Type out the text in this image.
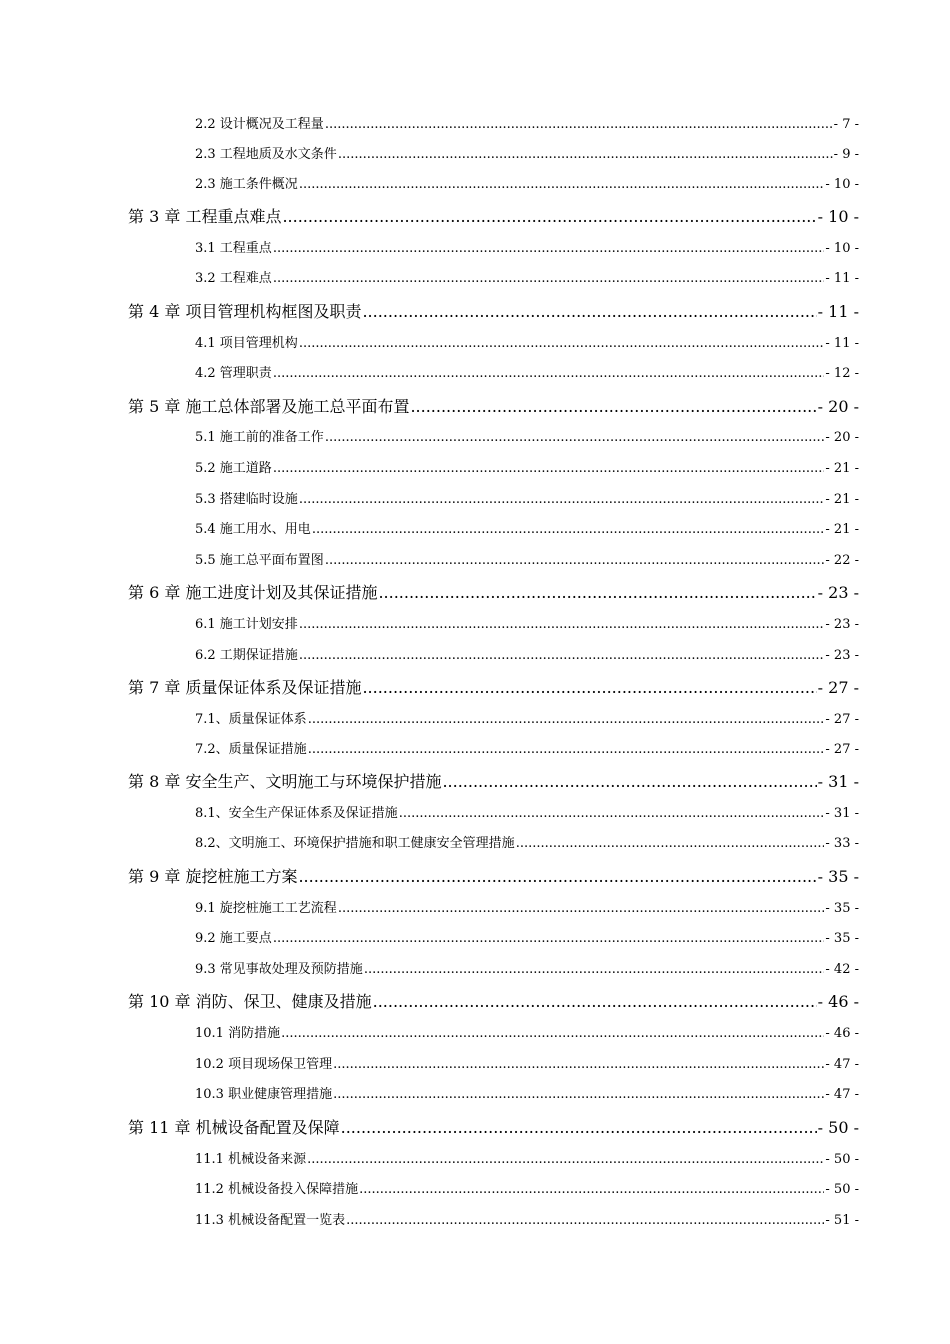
2.2 设计概况及工程量 .....	- 7 -
2.3 工程地质及水文条件 .....	- 9 -
2.3 施工条件概况 .....	- 10 -
第 3 章 工程重点难点 .....	- 10 -
3.1 工程重点 .....	- 10 -
3.2 工程难点 .....	- 11 -
第 4 章 项目管理机构框图及职责 .....	- 11 -
4.1 项目管理机构 .....	- 11 -
4.2 管理职责 .....	- 12 -
第 5 章 施工总体部署及施工总平面布置 .....	- 20 -
5.1 施工前的准备工作 .....	- 20 -
5.2 施工道路 .....	- 21 -
5.3 搭建临时设施 .....	- 21 -
5.4 施工用水、用电 .....	- 21 -
5.5 施工总平面布置图 .....	- 22 -
第 6 章 施工进度计划及其保证措施 .....	- 23 -
6.1 施工计划安排 .....	- 23 -
6.2 工期保证措施 .....	- 23 -
第 7 章 质量保证体系及保证措施 .....	- 27 -
7.1、质量保证体系 .....	- 27 -
7.2、质量保证措施 .....	- 27 -
第 8 章 安全生产、文明施工与环境保护措施 .....	- 31 -
8.1、安全生产保证体系及保证措施 .....	- 31 -
8.2、文明施工、环境保护措施和职工健康安全管理措施 .....	- 33 -
第 9 章 旋挖桩施工方案 .....	- 35 -
9.1 旋挖桩施工工艺流程 .....	- 35 -
9.2 施工要点 .....	- 35 -
9.3 常见事故处理及预防措施 .....	- 42 -
第 10 章 消防、保卫、健康及措施 .....	- 46 -
10.1 消防措施 .....	- 46 -
10.2 项目现场保卫管理 .....	- 47 -
10.3 职业健康管理措施 .....	- 47 -
第 11 章 机械设备配置及保障 .....	- 50 -
11.1 机械设备来源 .....	- 50 -
11.2 机械设备投入保障措施 .....	- 50 -
11.3 机械设备配置一览表 .....	- 51 -
